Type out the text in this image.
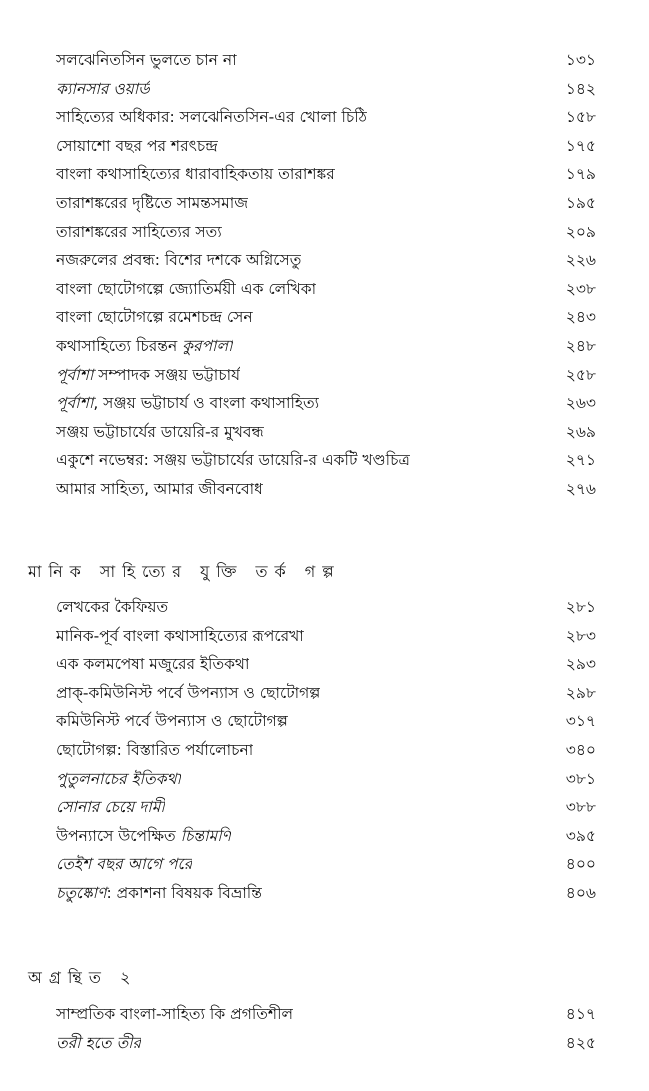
সলঝেনিতসিন ভুলতে চান না	১৩১
ক্যানসার ওয়ার্ড	১৪২
সাহিত্যের অধিকার: সলঝেনিতসিন-এর খোলা চিঠি	১৫৮
সোয়াশো বছর পর শরৎচন্দ্র	১৭৫
বাংলা কথাসাহিত্যের ধারাবাহিকতায় তারাশঙ্কর	১৭৯
তারাশঙ্করের দৃষ্টিতে সামন্তসমাজ	১৯৫
তারাশঙ্করের সাহিত্যের সত্য	২০৯
নজরুলের প্রবন্ধ: বিশের দশকে অগ্নিসেতু	২২৬
বাংলা ছোটোগল্পে জ্যোতির্ময়ী এক লেখিকা	২৩৮
বাংলা ছোটোগল্পে রমেশচন্দ্র সেন	২৪৩
কথাসাহিত্যে চিরন্তন কুরপালা	২৪৮
পূর্বাশা সম্পাদক সঞ্জয় ভট্টাচার্য	২৫৮
পূর্বাশা, সঞ্জয় ভট্টাচার্য ও বাংলা কথাসাহিত্য	২৬৩
সঞ্জয় ভট্টাচার্যের ডায়েরি-র মুখবন্ধ	২৬৯
একুশে নভেম্বর: সঞ্জয় ভট্টাচার্যের ডায়েরি-র একটি খণ্ডচিত্র	২৭১
আমার সাহিত্য, আমার জীবনবোধ	২৭৬
মানিক সাহিত্যের যুক্তি তর্ক গল্প
লেখকের কৈফিয়ত	২৮১
মানিক-পূর্ব বাংলা কথাসাহিত্যের রূপরেখা	২৮৩
এক কলমপেষা মজুরের ইতিকথা	২৯৩
প্রাক্‌-কমিউনিস্ট পর্বে উপন্যাস ও ছোটোগল্প	২৯৮
কমিউনিস্ট পর্বে উপন্যাস ও ছোটোগল্প	৩১৭
ছোটোগল্প: বিস্তারিত পর্যালোচনা	৩৪০
পুতুলনাচের ইতিকথা	৩৮১
সোনার চেয়ে দামী	৩৮৮
উপন্যাসে উপেক্ষিত চিন্তামণি	৩৯৫
তেইশ বছর আগে পরে	৪০০
চতুষ্কোণ: প্রকাশনা বিষয়ক বিভ্রান্তি	৪০৬
অগ্রন্থিত ২
সাম্প্রতিক বাংলা-সাহিত্য কি প্রগতিশীল	৪১৭
তরী হতে তীর	৪২৫
